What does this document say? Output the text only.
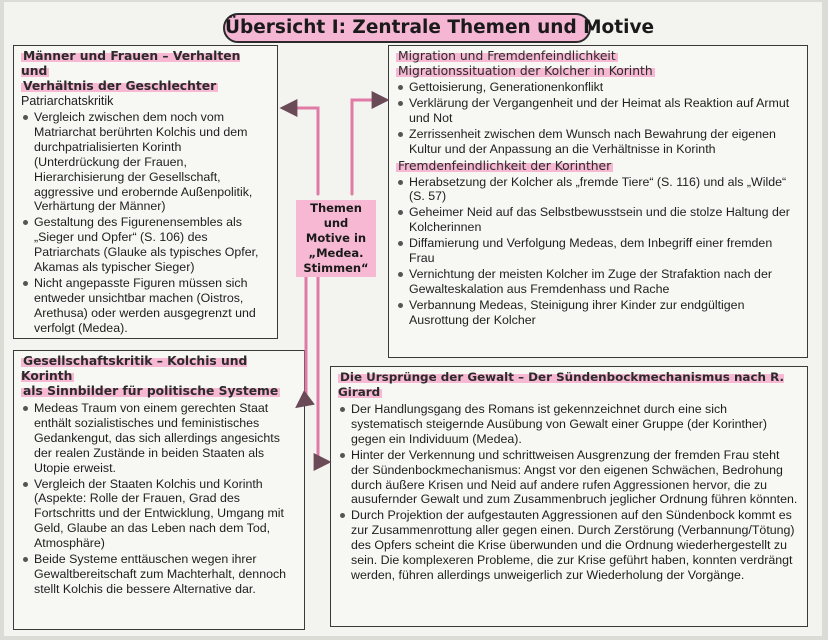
Übersicht I: Zentrale Themen und Motive

Männer und Frauen – Verhalten und
Verhältnis der Geschlechter

Patriarchatskritik

Vergleich zwischen dem noch vom Matriarchat berührten Kolchis und dem durchpatrialisierten Korinth (Unterdrückung der Frauen, Hierarchisierung der Gesellschaft, aggressive und erobernde Außenpolitik, Verhärtung der Männer)
Gestaltung des Figurenensembles als „Sieger und Opfer“ (S. 106) des Patriarchats (Glauke als typisches Opfer, Akamas als typischer Sieger)
Nicht angepasste Figuren müssen sich entweder unsichtbar machen (Oistros, Arethusa) oder werden ausgegrenzt und verfolgt (Medea).

Migration und Fremdenfeindlichkeit

Migrationssituation der Kolcher in Korinth

Gettoisierung, Generationenkonflikt
Verklärung der Vergangenheit und der Heimat als Reaktion auf Armut und Not
Zerrissenheit zwischen dem Wunsch nach Bewahrung der eigenen Kultur und der Anpassung an die Verhältnisse in Korinth

Fremdenfeindlichkeit der Korinther

Herabsetzung der Kolcher als „fremde Tiere“ (S. 116) und als „Wilde“ (S. 57)
Geheimer Neid auf das Selbstbewusstsein und die stolze Haltung der Kolcherinnen
Diffamierung und Verfolgung Medeas, dem Inbegriff einer fremden Frau
Vernichtung der meisten Kolcher im Zuge der Strafaktion nach der Gewalteskalation aus Fremdenhass und Rache
Verbannung Medeas, Steinigung ihrer Kinder zur endgültigen Ausrottung der Kolcher

Gesellschaftskritik – Kolchis und Korinth
als Sinnbilder für politische Systeme

Medeas Traum von einem gerechten Staat enthält sozialistisches und feministisches Gedankengut, das sich allerdings angesichts der realen Zustände in beiden Staaten als Utopie erweist.
Vergleich der Staaten Kolchis und Korinth (Aspekte: Rolle der Frauen, Grad des Fortschritts und der Entwicklung, Umgang mit Geld, Glaube an das Leben nach dem Tod, Atmosphäre)
Beide Systeme enttäuschen wegen ihrer Gewaltbereitschaft zum Machterhalt, dennoch stellt Kolchis die bessere Alternative dar.

Die Ursprünge der Gewalt – Der Sündenbockmechanismus nach R. Girard

Der Handlungsgang des Romans ist gekennzeichnet durch eine sich systematisch steigernde Ausübung von Gewalt einer Gruppe (der Korinther) gegen ein Individuum (Medea).
Hinter der Verkennung und schrittweisen Ausgrenzung der fremden Frau steht der Sündenbockmechanismus: Angst vor den eigenen Schwächen, Bedrohung durch äußere Krisen und Neid auf andere rufen Aggressionen hervor, die zu ausufernder Gewalt und zum Zusammenbruch jeglicher Ordnung führen könnten.
Durch Projektion der aufgestauten Aggressionen auf den Sündenbock kommt es zur Zusammenrottung aller gegen einen. Durch Zerstörung (Verbannung/Tötung) des Opfers scheint die Krise überwunden und die Ordnung wiederhergestellt zu sein. Die komplexeren Probleme, die zur Krise geführt haben, konnten verdrängt werden, führen allerdings unweigerlich zur Wiederholung der Vorgänge.
Themen und
Motive in
„Medea.
Stimmen“
